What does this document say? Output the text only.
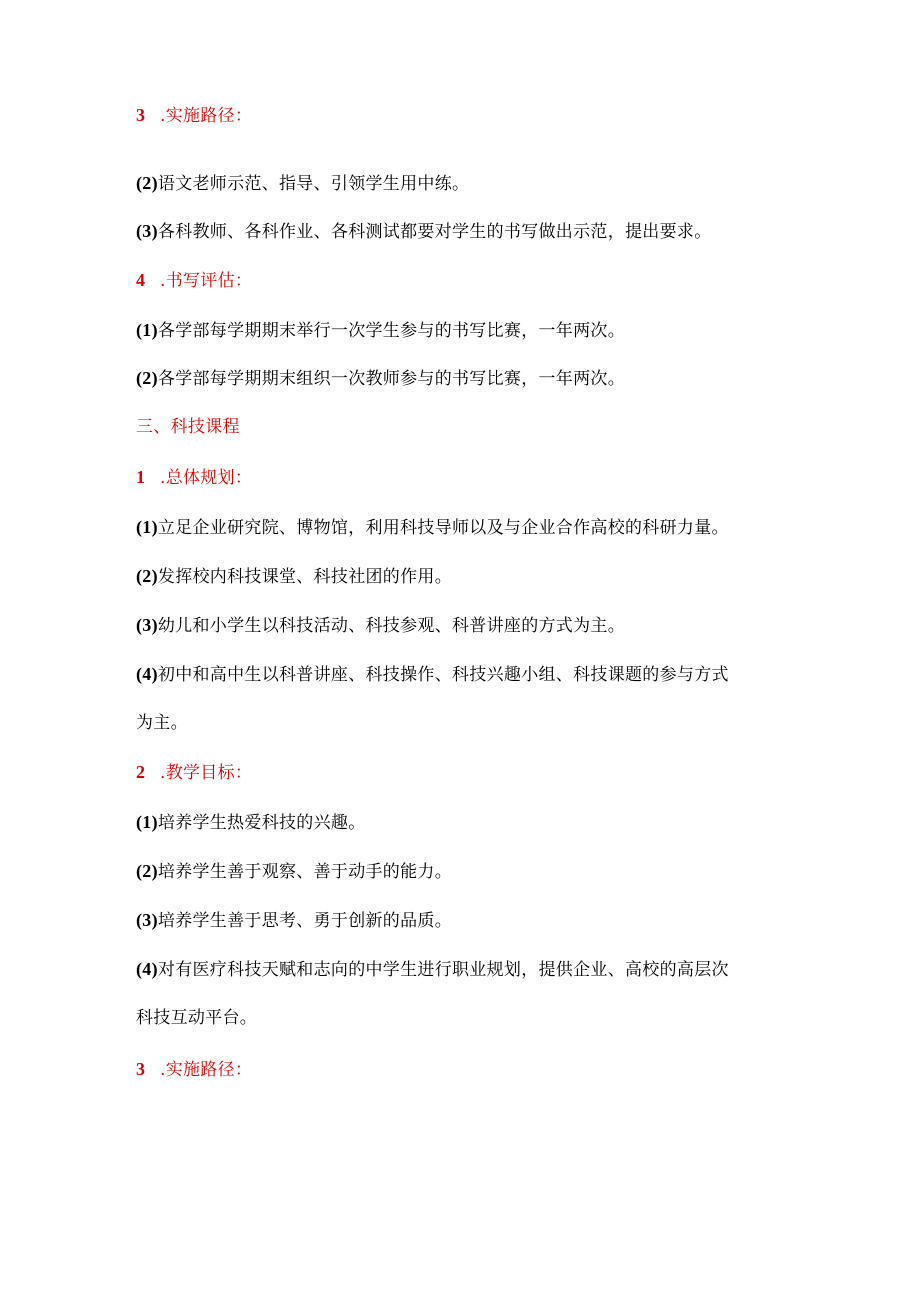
3 .实施路径：
(2)语文老师示范、指导、引领学生用中练。
(3)各科教师、各科作业、各科测试都要对学生的书写做出示范，提出要求。
4 .书写评估：
(1)各学部每学期期末举行一次学生参与的书写比赛，一年两次。
(2)各学部每学期期末组织一次教师参与的书写比赛，一年两次。
三、科技课程
1 .总体规划：
(1)立足企业研究院、博物馆，利用科技导师以及与企业合作高校的科研力量。
(2)发挥校内科技课堂、科技社团的作用。
(3)幼儿和小学生以科技活动、科技参观、科普讲座的方式为主。
(4)初中和高中生以科普讲座、科技操作、科技兴趣小组、科技课题的参与方式
为主。
2 .教学目标：
(1)培养学生热爱科技的兴趣。
(2)培养学生善于观察、善于动手的能力。
(3)培养学生善于思考、勇于创新的品质。
(4)对有医疗科技天赋和志向的中学生进行职业规划，提供企业、高校的高层次
科技互动平台。
3 .实施路径：
